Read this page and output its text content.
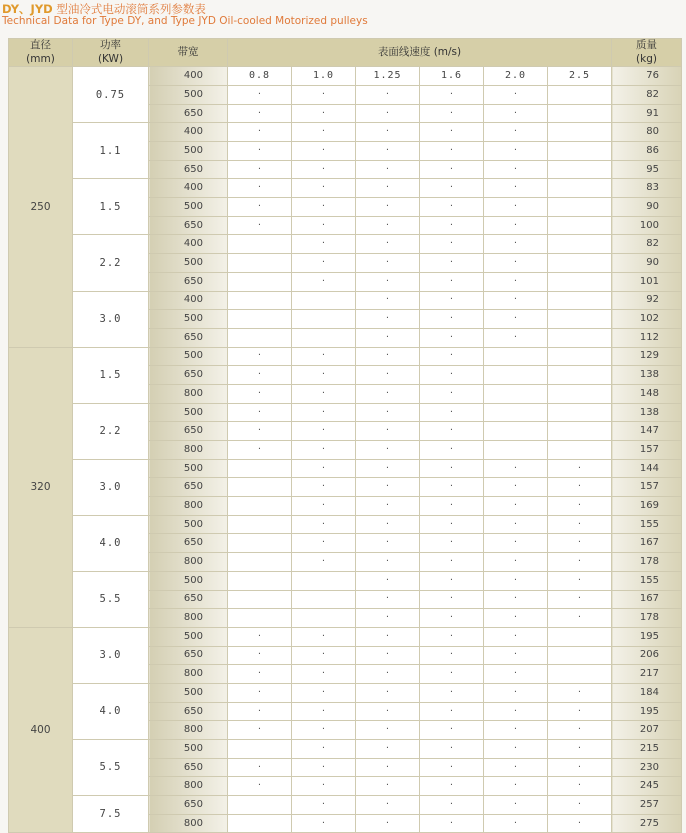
DY、JYD 型油冷式电动滚筒系列参数表
Technical Data for Type DY, and Type JYD Oil-cooled Motorized pulleys
直径
(mm)	功率
(KW)	带宽	表面线速度 (m/s)						质量
(kg)

250	0.75	400	0.8	1.0	1.25	1.6	2.0	2.5	76
		500	·	·	·	·	·		82
		650	·	·	·	·	·		91
	1.1	400	·	·	·	·	·		80
		500	·	·	·	·	·		86
		650	·	·	·	·	·		95
	1.5	400	·	·	·	·	·		83
		500	·	·	·	·	·		90
		650	·	·	·	·	·		100
	2.2	400		·	·	·	·		82
		500		·	·	·	·		90
		650		·	·	·	·		101
	3.0	400			·	·	·		92
		500			·	·	·		102
		650			·	·	·		112
320	1.5	500	·	·	·	·			129
		650	·	·	·	·			138
		800	·	·	·	·			148
	2.2	500	·	·	·	·			138
		650	·	·	·	·			147
		800	·	·	·	·			157
	3.0	500		·	·	·	·	·	144
		650		·	·	·	·	·	157
		800		·	·	·	·	·	169
	4.0	500		·	·	·	·	·	155
		650		·	·	·	·	·	167
		800		·	·	·	·	·	178
	5.5	500			·	·	·	·	155
		650			·	·	·	·	167
		800			·	·	·	·	178
400	3.0	500	·	·	·	·	·		195
		650	·	·	·	·	·		206
		800	·	·	·	·	·		217
	4.0	500	·	·	·	·	·	·	184
		650	·	·	·	·	·	·	195
		800	·	·	·	·	·	·	207
	5.5	500		·	·	·	·	·	215
		650	·	·	·	·	·	·	230
		800	·	·	·	·	·	·	245
	7.5	650		·	·	·	·	·	257
		800		·	·	·	·	·	275
